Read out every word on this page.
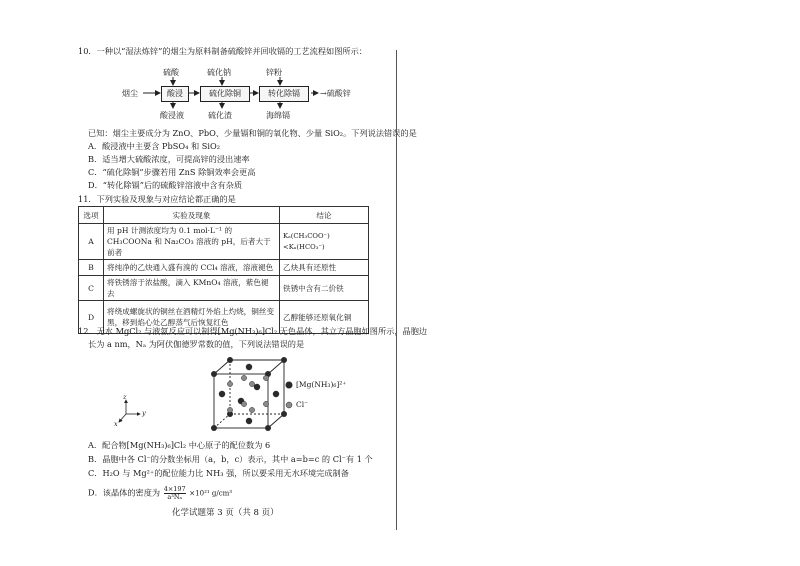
10．一种以“湿法炼锌”的烟尘为原料制备硫酸锌并回收镉的工艺流程如图所示：
硫酸	硫化钠	锌粉
烟尘	酸浸	硫化除铜	转化除镉	→硫酸锌
酸浸液	硫化渣	海绵镉
已知：烟尘主要成分为 ZnO、PbO、少量镉和铜的氧化物、少量 SiO₂。下列说法错误的是
A．酸浸液中主要含 PbSO₄ 和 SiO₂
B．适当增大硫酸浓度，可提高锌的浸出速率
C．“硫化除铜”步骤若用 ZnS 除铜效率会更高
D．“转化除镉”后的硫酸锌溶液中含有杂质
11．下列实验及现象与对应结论都正确的是
选项	实验及现象	结论
A	用 pH 计测浓度均为 0.1 mol·L⁻¹ 的 CH₃COONa 和 Na₂CO₃ 溶液的 pH，后者大于前者	Kₐ(CH₃COO⁻)<Kₐ(HCO₃⁻)
B	将纯净的乙炔通入盛有溴的 CCl₄ 溶液，溶液褪色	乙炔具有还原性
C	将铁锈溶于浓盐酸，滴入 KMnO₄ 溶液，紫色褪去	铁锈中含有二价铁
D	将绕成螺旋状的铜丝在酒精灯外焰上灼烧，铜丝变黑，移到焰心处乙醇蒸气后恢复红色	乙醇能够还原氧化铜
12．无水 MgCl₂ 与液氨反应可以制得[Mg(NH₃)₆]Cl₂ 无色晶体，其立方晶胞如图所示，晶胞边
长为 a nm，Nₐ 为阿伏伽德罗常数的值，下列说法错误的是
[Mg(NH₃)₆]²⁺
Cl⁻
z
y
x
A．配合物[Mg(NH₃)₆]Cl₂ 中心原子的配位数为 6
B．晶胞中各 Cl⁻的分数坐标用（a，b，c）表示，其中 a=b=c 的 Cl⁻有 1 个
C．H₂O 与 Mg²⁺的配位能力比 NH₃ 强，所以要采用无水环境完成制备
D．该晶体的密度为 $\frac{4\times 197}{\text{a³Nₐ}} \times 10^{21}$ g/cm³
化学试题第 3 页（共 8 页）
